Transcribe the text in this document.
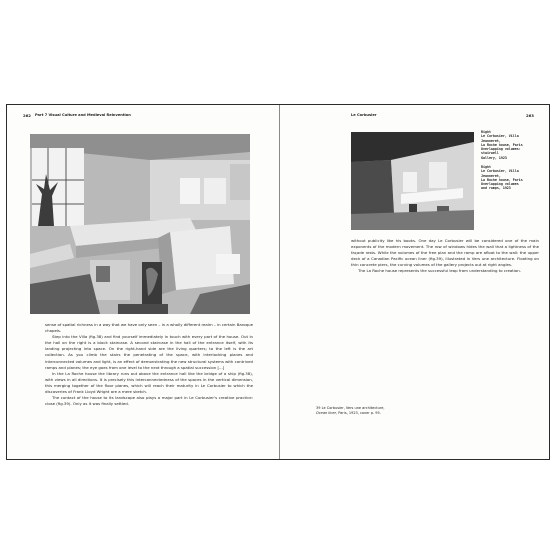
262 Part 7 Visual Culture and Medieval Reinvention

sense of spatial richness in a way that we have only seen – in a wholly different realm – in certain Baroque chapels.

Step into the Villa (fig.38) and find yourself immediately in touch with every part of the house. Out in the hall on the right is a block staircase. A second staircase in the hall of the entrance itself, with its landing projecting into space. On the right-hand side are the living quarters; to the left is the art collection. As you climb the stairs the penetrating of the space, with interlocking planes and interconnected volumes and light, is an effect of demonstrating the new structural systems with contrived ramps and planes; the eye goes from one level to the next through a spatial succession [...]

In the La Roche house the library runs out above the entrance hall like the bridge of a ship (fig.38), with views in all directions. It is precisely this interconnectedness of the spaces in the vertical dimension, this merging together of the floor planes, which will reach their maturity in Le Corbusier to which the discoveries of Frank Lloyd Wright are a mere sketch.

The contact of the house to its landscape also plays a major part in Le Corbusier's creative practice: close (fig.39). Only as it was finally settled.

Le Corbusier	263
Right
Le Corbusier, Villa
Jeanneret,
La Roche house, Paris
Overlapping volumes:
stairwell
Gallery, 1923
Right
Le Corbusier, Villa
Jeanneret,
La Roche house, Paris
Overlapping volumes
and ramps, 1923

without publicity like his books. One day Le Corbusier will be considered one of the main exponents of the modern movement. The row of windows hides the wall that a lightness of the façade rests. While the volumes of the free plan and the ramp are afloat to the wall: the upper deck of a Canadian Pacific ocean liner (fig.39), illustrated in Vers une architecture. Floating on thin concrete piers, the curving volumes of the gallery projects out at right angles.

The La Roche house represents the successful leap from understanding to creation.

39 Le Corbusier, Vers une architecture, Ocean liner, Paris, 1923, cover p. 95.
